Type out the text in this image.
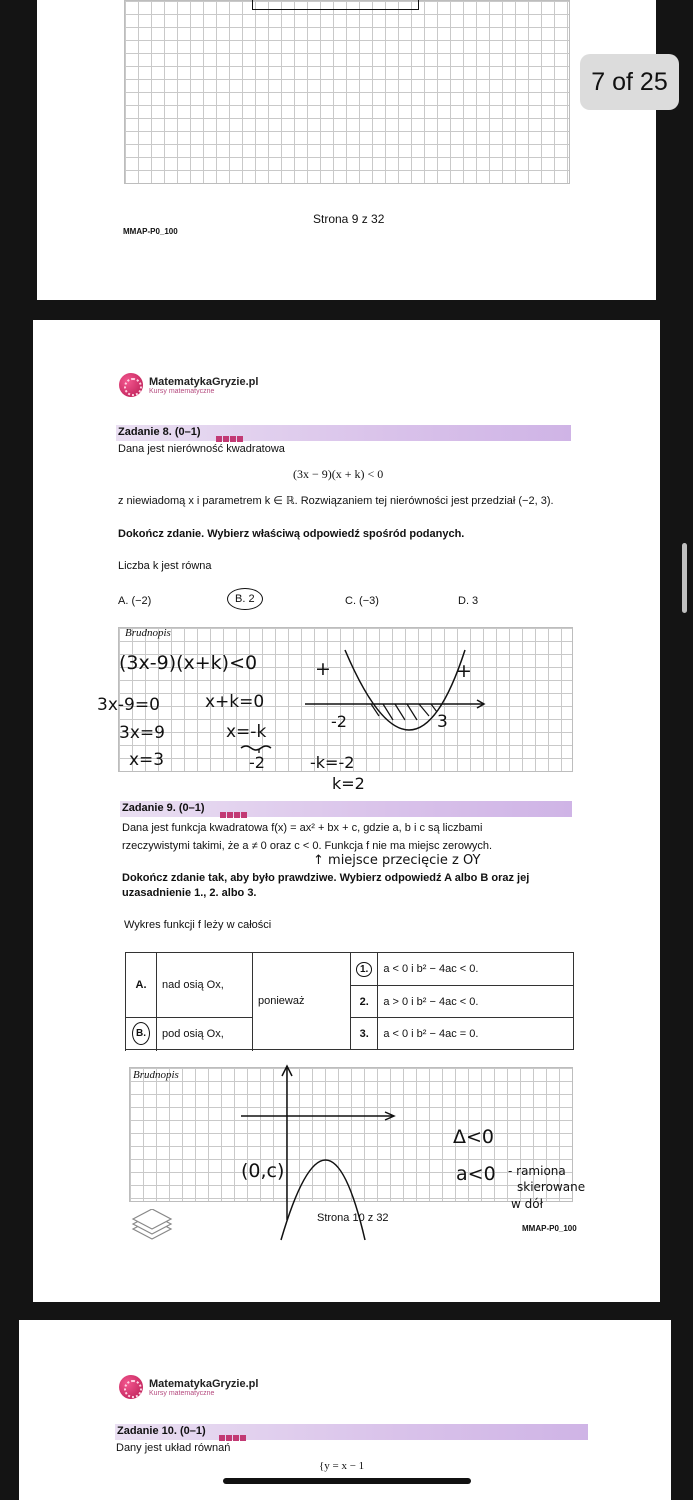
Strona 9 z 32
MMAP-P0_100
7 of 25
MatematykaGryzie.pl
Kursy matematyczne
Zadanie 8. (0–1)
Dana jest nierówność kwadratowa
(3x − 9)(x + k) < 0
z niewiadomą x i parametrem k ∈ ℝ. Rozwiązaniem tej nierówności jest przedział (−2, 3).
Dokończ zdanie. Wybierz właściwą odpowiedź spośród podanych.
Liczba k jest równa
A. (−2)	B. 2	C. (−3)	D. 3
Brudnopis
(3x-9)(x+k)<0
3x-9=0	x+k=0
3x=9	x=-k
x=3	-2
+	+
-2	3
-k=-2
k=2
Zadanie 9. (0–1)
Dana jest funkcja kwadratowa f(x) = ax² + bx + c, gdzie a, b i c są liczbami
rzeczywistymi takimi, że a ≠ 0 oraz c < 0. Funkcja f nie ma miejsc zerowych.
↑ miejsce przecięcie z OY
Dokończ zdanie tak, aby było prawdziwe. Wybierz odpowiedź A albo B oraz jej
uzasadnienie 1., 2. albo 3.
Wykres funkcji f leży w całości
A.	nad osią Ox,	ponieważ	1.	a < 0 i b² − 4ac < 0.

			2.	a > 0 i b² − 4ac < 0.
B.	pod osią Ox,			
			3.	a < 0 i b² − 4ac = 0.

Brudnopis
(0,c)
Δ<0
a<0 - ramiona
skierowane
w dół
Strona 10 z 32
MMAP-P0_100
MatematykaGryzie.pl
Kursy matematyczne
Zadanie 10. (0–1)
Dany jest układ równań
{y = x − 1
